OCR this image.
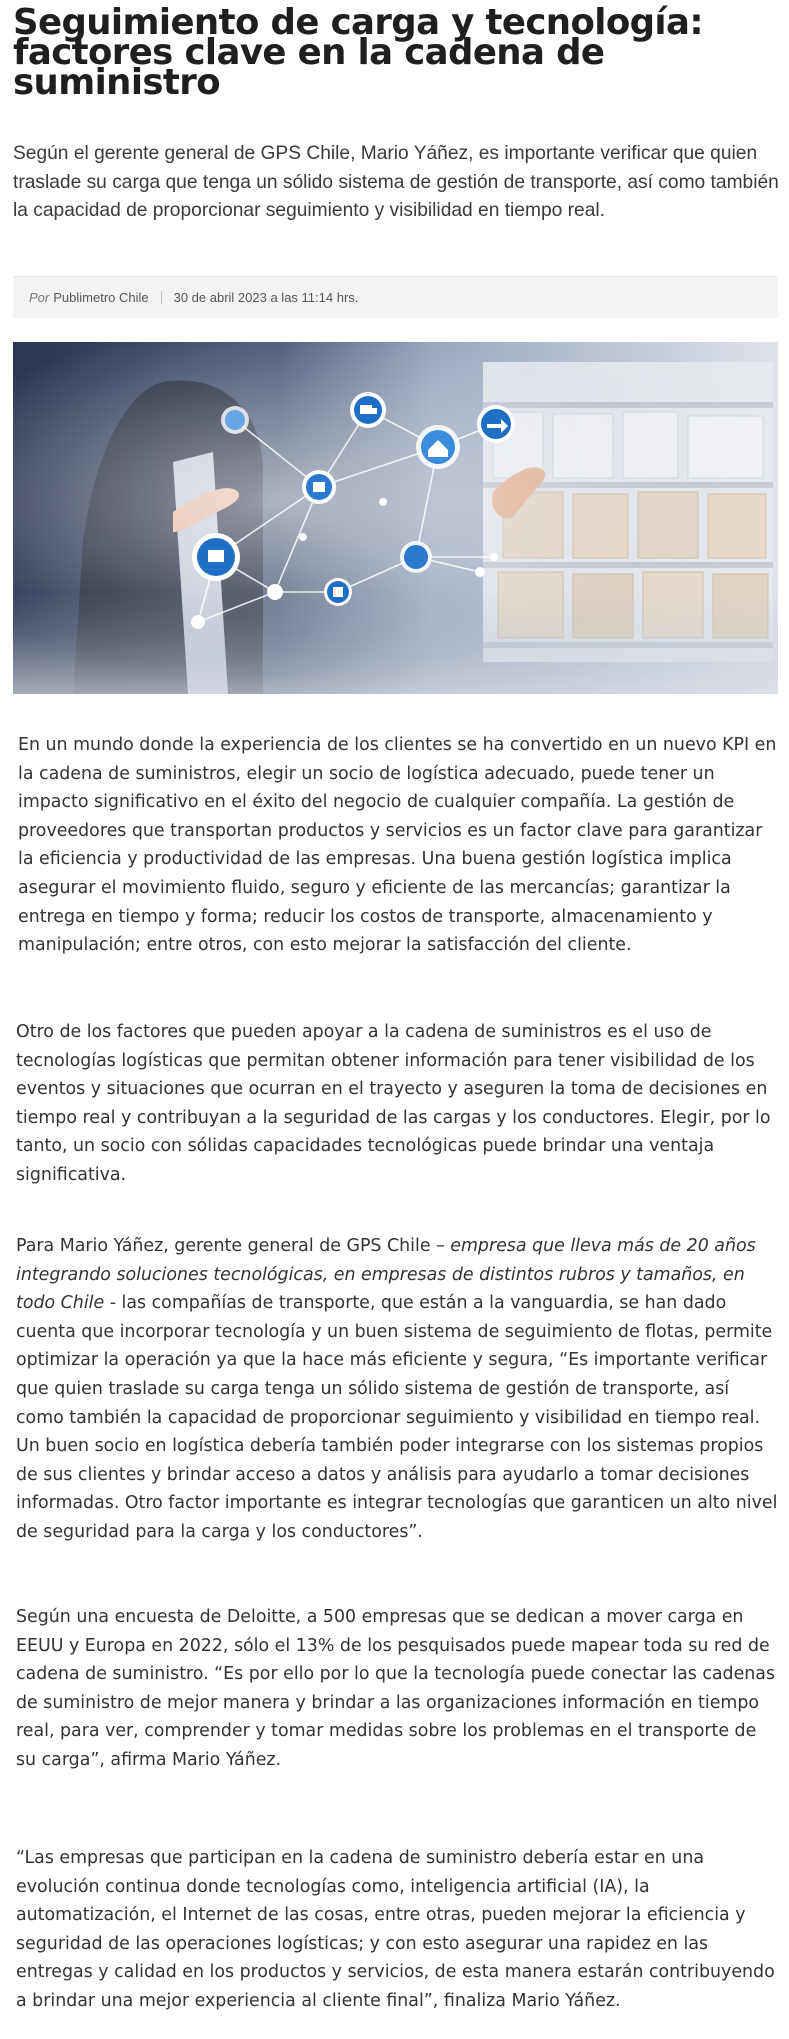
Seguimiento de carga y tecnología: factores clave en la cadena de suministro

Según el gerente general de GPS Chile, Mario Yáñez, es importante verificar que quien traslade su carga que tenga un sólido sistema de gestión de transporte, así como también la capacidad de proporcionar seguimiento y visibilidad en tiempo real.

Por Publimetro Chile 30 de abril 2023 a las 11:14 hrs.

En un mundo donde la experiencia de los clientes se ha convertido en un nuevo KPI en la cadena de suministros, elegir un socio de logística adecuado, puede tener un impacto significativo en el éxito del negocio de cualquier compañía. La gestión de proveedores que transportan productos y servicios es un factor clave para garantizar la eficiencia y productividad de las empresas. Una buena gestión logística implica asegurar el movimiento fluido, seguro y eficiente de las mercancías; garantizar la entrega en tiempo y forma; reducir los costos de transporte, almacenamiento y manipulación; entre otros, con esto mejorar la satisfacción del cliente.

Otro de los factores que pueden apoyar a la cadena de suministros es el uso de tecnologías logísticas que permitan obtener información para tener visibilidad de los eventos y situaciones que ocurran en el trayecto y aseguren la toma de decisiones en tiempo real y contribuyan a la seguridad de las cargas y los conductores. Elegir, por lo tanto, un socio con sólidas capacidades tecnológicas puede brindar una ventaja significativa.

Para Mario Yáñez, gerente general de GPS Chile – empresa que lleva más de 20 años integrando soluciones tecnológicas, en empresas de distintos rubros y tamaños, en todo Chile - las compañías de transporte, que están a la vanguardia, se han dado cuenta que incorporar tecnología y un buen sistema de seguimiento de flotas, permite optimizar la operación ya que la hace más eficiente y segura, “Es importante verificar que quien traslade su carga tenga un sólido sistema de gestión de transporte, así como también la capacidad de proporcionar seguimiento y visibilidad en tiempo real. Un buen socio en logística debería también poder integrarse con los sistemas propios de sus clientes y brindar acceso a datos y análisis para ayudarlo a tomar decisiones informadas. Otro factor importante es integrar tecnologías que garanticen un alto nivel de seguridad para la carga y los conductores”.

Según una encuesta de Deloitte, a 500 empresas que se dedican a mover carga en EEUU y Europa en 2022, sólo el 13% de los pesquisados puede mapear toda su red de cadena de suministro. “Es por ello por lo que la tecnología puede conectar las cadenas de suministro de mejor manera y brindar a las organizaciones información en tiempo real, para ver, comprender y tomar medidas sobre los problemas en el transporte de su carga”, afirma Mario Yáñez.

“Las empresas que participan en la cadena de suministro debería estar en una evolución continua donde tecnologías como, inteligencia artificial (IA), la automatización, el Internet de las cosas, entre otras, pueden mejorar la eficiencia y seguridad de las operaciones logísticas; y con esto asegurar una rapidez en las entregas y calidad en los productos y servicios, de esta manera estarán contribuyendo a brindar una mejor experiencia al cliente final”, finaliza Mario Yáñez.
